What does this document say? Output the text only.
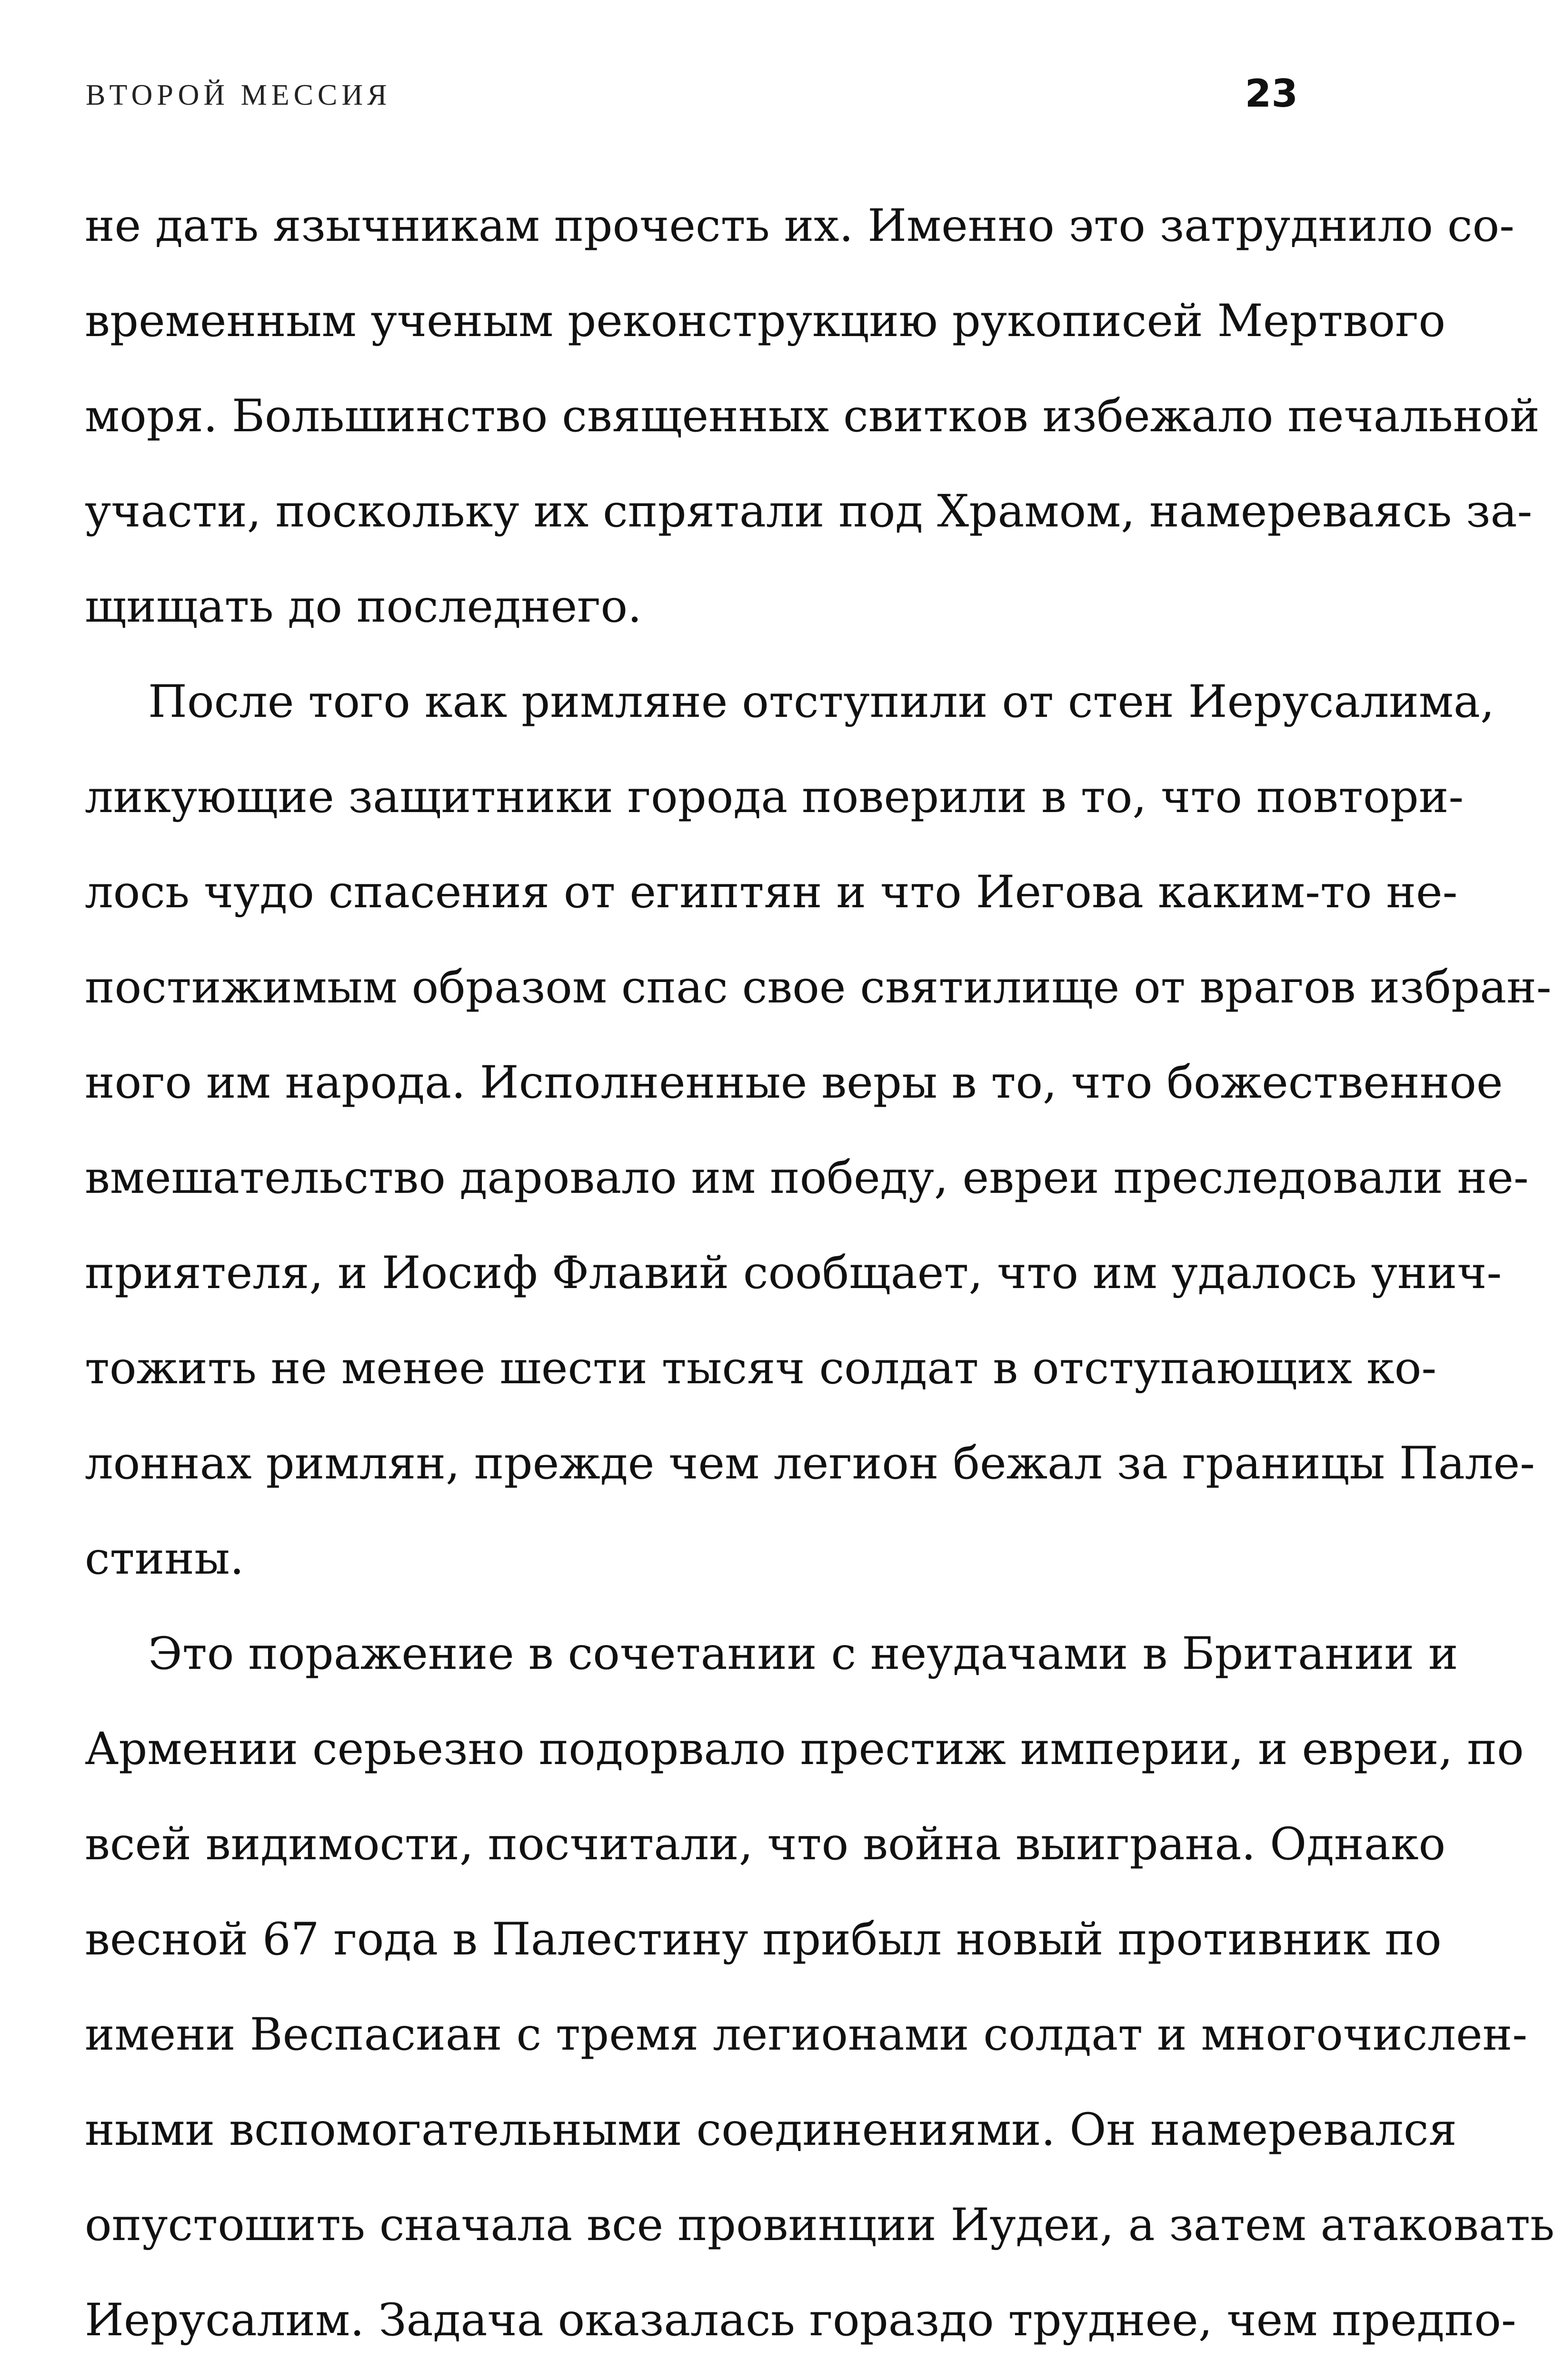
ВТОРОЙ МЕССИЯ	23
не дать язычникам прочесть их. Именно это затруднило со-
временным ученым реконструкцию рукописей Мертвого
моря. Большинство священных свитков избежало печальной
участи, поскольку их спрятали под Храмом, намереваясь за-
щищать до последнего.
После того как римляне отступили от стен Иерусалима,
ликующие защитники города поверили в то, что повтори-
лось чудо спасения от египтян и что Иегова каким-то не-
постижимым образом спас свое святилище от врагов избран-
ного им народа. Исполненные веры в то, что божественное
вмешательство даровало им победу, евреи преследовали не-
приятеля, и Иосиф Флавий сообщает, что им удалось унич-
тожить не менее шести тысяч солдат в отступающих ко-
лоннах римлян, прежде чем легион бежал за границы Пале-
стины.
Это поражение в сочетании с неудачами в Британии и
Армении серьезно подорвало престиж империи, и евреи, по
всей видимости, посчитали, что война выиграна. Однако
весной 67 года в Палестину прибыл новый противник по
имени Веспасиан с тремя легионами солдат и многочислен-
ными вспомогательными соединениями. Он намеревался
опустошить сначала все провинции Иудеи, а затем атаковать
Иерусалим. Задача оказалась гораздо труднее, чем предпо-
